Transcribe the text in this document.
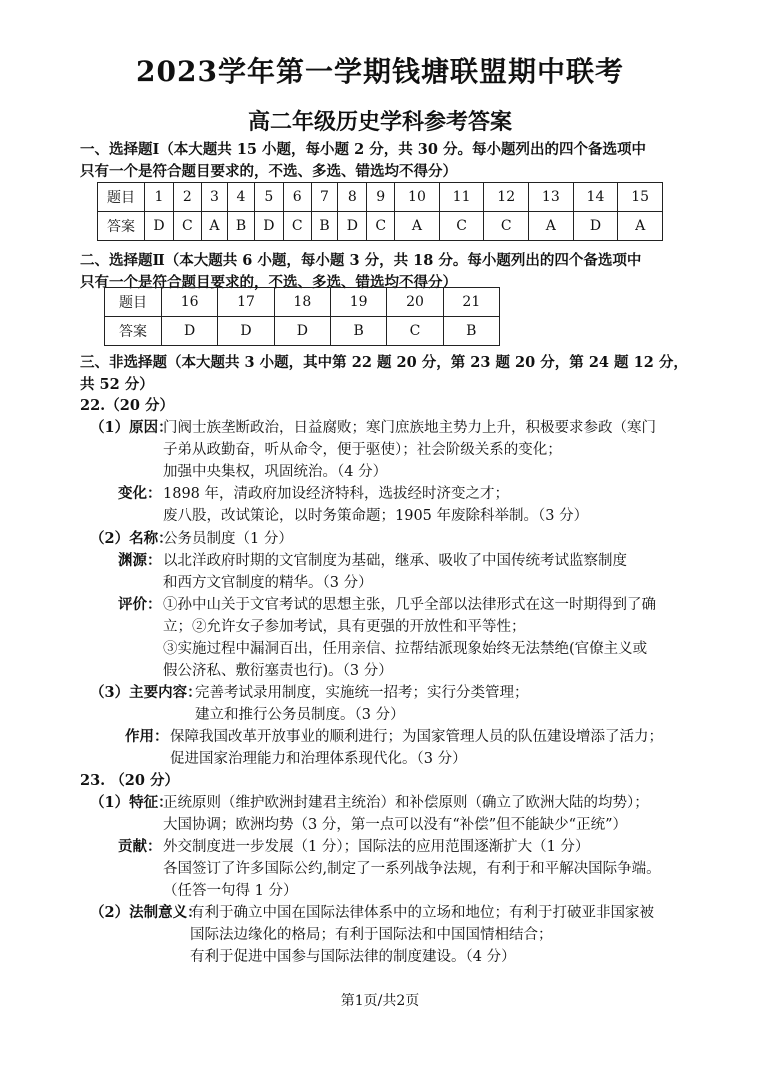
2023学年第一学期钱塘联盟期中联考
高二年级历史学科参考答案
一、选择题Ⅰ（本大题共 15 小题，每小题 2 分，共 30 分。每小题列出的四个备选项中
只有一个是符合题目要求的，不选、多选、错选均不得分）
题目	1	2	3	4	5	6	7	8	9	10	11	12	13	14	15
答案	D	C	A	B	D	C	B	D	C	A	C	C	A	D	A
二、选择题Ⅱ（本大题共 6 小题，每小题 3 分，共 18 分。每小题列出的四个备选项中
只有一个是符合题目要求的，不选、多选、错选均不得分）
题目	16	17	18	19	20	21
答案	D	D	D	B	C	B
三、非选择题（本大题共 3 小题，其中第 22 题 20 分，第 23 题 20 分，第 24 题 12 分，
共 52 分）
22.（20 分）
（1）原因：
门阀士族垄断政治，日益腐败；寒门庶族地主势力上升，积极要求参政（寒门
子弟从政勤奋，听从命令，便于驱使）；社会阶级关系的变化；
加强中央集权，巩固统治。（4 分）
变化： 1898 年，清政府加设经济特科，选拔经时济变之才；
废八股，改试策论，以时务策命题；1905 年废除科举制。（3 分）
（2）名称：
公务员制度（1 分）
渊源： 以北洋政府时期的文官制度为基础，继承、吸收了中国传统考试监察制度
和西方文官制度的精华。（3 分）
评价： ①孙中山关于文官考试的思想主张，几乎全部以法律形式在这一时期得到了确
立；②允许女子参加考试，具有更强的开放性和平等性；
③实施过程中漏洞百出，任用亲信、拉帮结派现象始终无法禁绝(官僚主义或
假公济私、敷衍塞责也行)。（3 分）
（3）主要内容：
完善考试录用制度，实施统一招考；实行分类管理；
建立和推行公务员制度。（3 分）
作用： 保障我国改革开放事业的顺利进行；为国家管理人员的队伍建设增添了活力；
促进国家治理能力和治理体系现代化。（3 分）
23. （20 分）
（1）特征：
正统原则（维护欧洲封建君主统治）和补偿原则（确立了欧洲大陆的均势）；
大国协调；欧洲均势（3 分，第一点可以没有“补偿”但不能缺少“正统”）
贡献： 外交制度进一步发展（1 分）；国际法的应用范围逐渐扩大（1 分）
各国签订了许多国际公约,制定了一系列战争法规，有利于和平解决国际争端。
（任答一句得 1 分）
（2）法制意义：
有利于确立中国在国际法律体系中的立场和地位；有利于打破亚非国家被
国际法边缘化的格局；有利于国际法和中国国情相结合；
有利于促进中国参与国际法律的制度建设。（4 分）
第1页/共2页
